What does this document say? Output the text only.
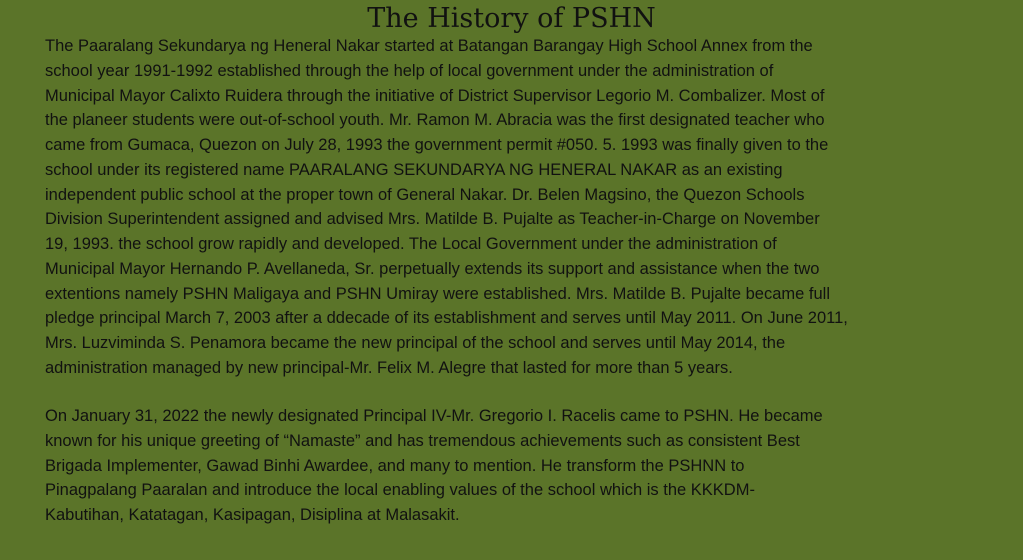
The History of PSHN

The Paaralang Sekundarya ng Heneral Nakar started at Batangan Barangay High School Annex from the
school year 1991-1992 established through the help of local government under the administration of
Municipal Mayor Calixto Ruidera through the initiative of District Supervisor Legorio M. Combalizer. Most of
the planeer students were out-of-school youth. Mr. Ramon M. Abracia was the first designated teacher who
came from Gumaca, Quezon on July 28, 1993 the government permit #050. 5. 1993 was finally given to the
school under its registered name PAARALANG SEKUNDARYA NG HENERAL NAKAR as an existing
independent public school at the proper town of General Nakar. Dr. Belen Magsino, the Quezon Schools
Division Superintendent assigned and advised Mrs. Matilde B. Pujalte as Teacher-in-Charge on November
19, 1993. the school grow rapidly and developed. The Local Government under the administration of
Municipal Mayor Hernando P. Avellaneda, Sr. perpetually extends its support and assistance when the two
extentions namely PSHN Maligaya and PSHN Umiray were established. Mrs. Matilde B. Pujalte became full
pledge principal March 7, 2003 after a ddecade of its establishment and serves until May 2011. On June 2011,
Mrs. Luzviminda S. Penamora became the new principal of the school and serves until May 2014, the
administration managed by new principal-Mr. Felix M. Alegre that lasted for more than 5 years.

On January 31, 2022 the newly designated Principal IV-Mr. Gregorio I. Racelis came to PSHN. He became
known for his unique greeting of “Namaste” and has tremendous achievements such as consistent Best
Brigada Implementer, Gawad Binhi Awardee, and many to mention. He transform the PSHNN to
Pinagpalang Paaralan and introduce the local enabling values of the school which is the KKKDM-
Kabutihan, Katatagan, Kasipagan, Disiplina at Malasakit.
